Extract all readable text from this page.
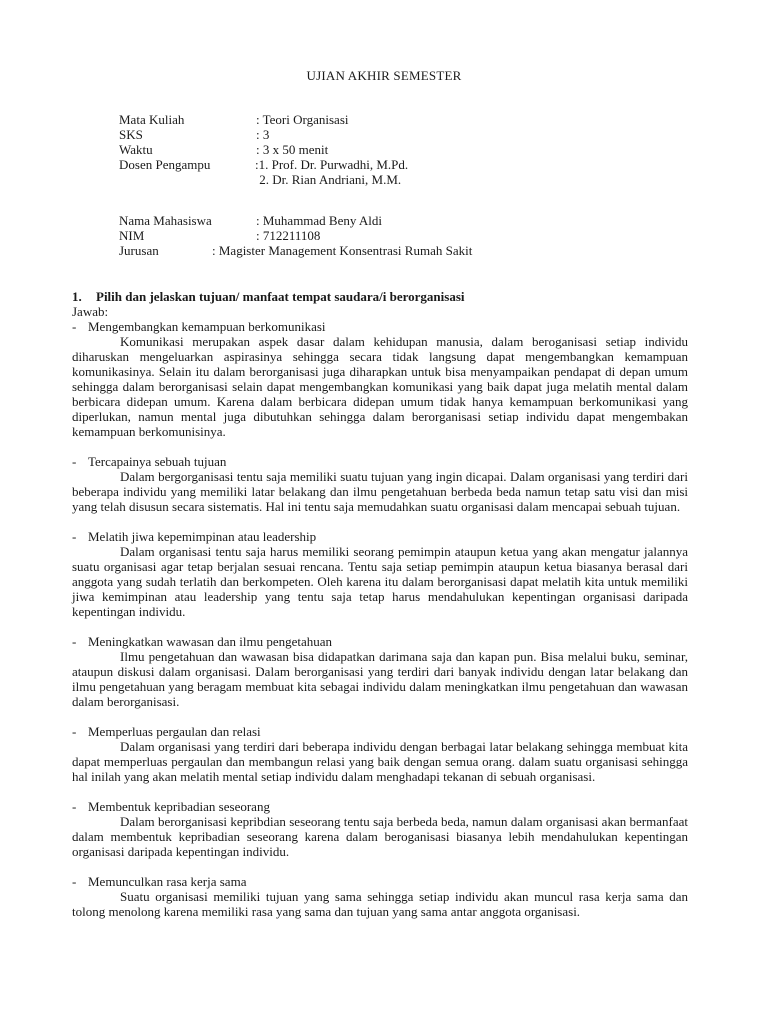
UJIAN AKHIR SEMESTER
Mata Kuliah	: Teori Organisasi
SKS	: 3
Waktu	: 3 x 50 menit
Dosen Pengampu	:1. Prof. Dr. Purwadhi, M.Pd.
2. Dr. Rian Andriani, M.M.
Nama Mahasiswa	: Muhammad Beny Aldi
NIM	: 712211108
Jurusan	: Magister Management Konsentrasi Rumah Sakit

1. Pilih dan jelaskan tujuan/ manfaat tempat saudara/i berorganisasi

Jawab:

- Mengembangkan kemampuan berkomunikasi

Komunikasi merupakan aspek dasar dalam kehidupan manusia, dalam beroganisasi setiap individu diharuskan mengeluarkan aspirasinya sehingga secara tidak langsung dapat mengembangkan kemampuan komunikasinya. Selain itu dalam berorganisasi juga diharapkan untuk bisa menyampaikan pendapat di depan umum sehingga dalam berorganisasi selain dapat mengembangkan komunikasi yang baik dapat juga melatih mental dalam berbicara didepan umum. Karena dalam berbicara didepan umum tidak hanya kemampuan berkomunikasi yang diperlukan, namun mental juga dibutuhkan sehingga dalam berorganisasi setiap individu dapat mengembakan kemampuan berkomunisinya.

- Tercapainya sebuah tujuan

Dalam bergorganisasi tentu saja memiliki suatu tujuan yang ingin dicapai. Dalam organisasi yang terdiri dari beberapa individu yang memiliki latar belakang dan ilmu pengetahuan berbeda beda namun tetap satu visi dan misi yang telah disusun secara sistematis. Hal ini tentu saja memudahkan suatu organisasi dalam mencapai sebuah tujuan.

- Melatih jiwa kepemimpinan atau leadership

Dalam organisasi tentu saja harus memiliki seorang pemimpin ataupun ketua yang akan mengatur jalannya suatu organisasi agar tetap berjalan sesuai rencana. Tentu saja setiap pemimpin ataupun ketua biasanya berasal dari anggota yang sudah terlatih dan berkompeten. Oleh karena itu dalam berorganisasi dapat melatih kita untuk memiliki jiwa kemimpinan atau leadership yang tentu saja tetap harus mendahulukan kepentingan organisasi daripada kepentingan individu.

- Meningkatkan wawasan dan ilmu pengetahuan

Ilmu pengetahuan dan wawasan bisa didapatkan darimana saja dan kapan pun. Bisa melalui buku, seminar, ataupun diskusi dalam organisasi. Dalam berorganisasi yang terdiri dari banyak individu dengan latar belakang dan ilmu pengetahuan yang beragam membuat kita sebagai individu dalam meningkatkan ilmu pengetahuan dan wawasan dalam berorganisasi.

- Memperluas pergaulan dan relasi

Dalam organisasi yang terdiri dari beberapa individu dengan berbagai latar belakang sehingga membuat kita dapat memperluas pergaulan dan membangun relasi yang baik dengan semua orang. dalam suatu organisasi sehingga hal inilah yang akan melatih mental setiap individu dalam menghadapi tekanan di sebuah organisasi.

- Membentuk kepribadian seseorang

Dalam berorganisasi kepribdian seseorang tentu saja berbeda beda, namun dalam organisasi akan bermanfaat dalam membentuk kepribadian seseorang karena dalam beroganisasi biasanya lebih mendahulukan kepentingan organisasi daripada kepentingan individu.

- Memunculkan rasa kerja sama

Suatu organisasi memiliki tujuan yang sama sehingga setiap individu akan muncul rasa kerja sama dan tolong menolong karena memiliki rasa yang sama dan tujuan yang sama antar anggota organisasi.
